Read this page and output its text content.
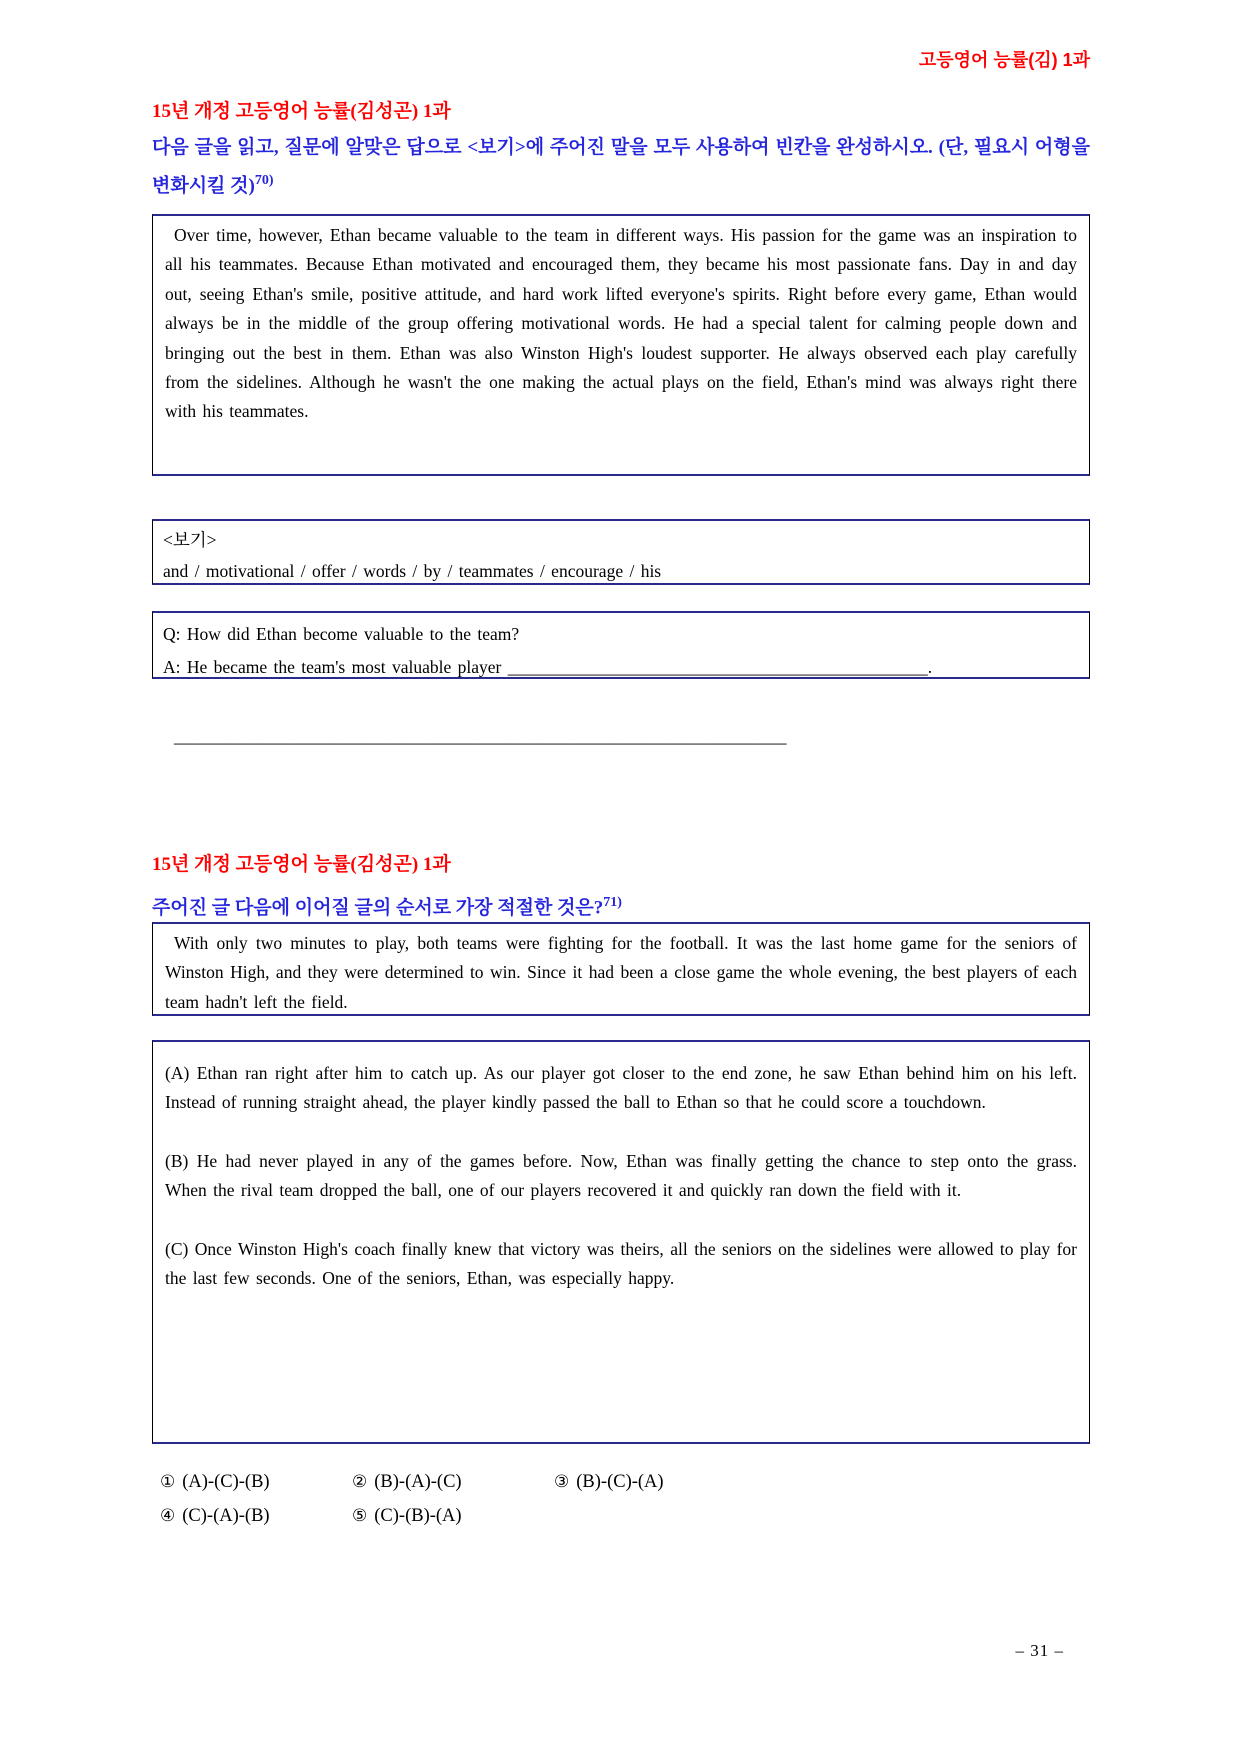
고등영어 능률(김) 1과
15년 개정 고등영어 능률(김성곤) 1과
다음 글을 읽고, 질문에 알맞은 답으로 <보기>에 주어진 말을 모두 사용하여 빈칸을 완성하시오. (단, 필요시 어형을 변화시킬 것)$^{70)}$

Over time, however, Ethan became valuable to the team in different ways. His passion for the game was an inspiration to all his teammates. Because Ethan motivated and encouraged them, they became his most passionate fans. Day in and day out, seeing Ethan's smile, positive attitude, and hard work lifted everyone's spirits. Right before every game, Ethan would always be in the middle of the group offering motivational words. He had a special talent for calming people down and bringing out the best in them. Ethan was also Winston High's loudest supporter. He always observed each play carefully from the sidelines. Although he wasn't the one making the actual plays on the field, Ethan's mind was always right there with his teammates.

<보기>
and / motivational / offer / words / by / teammates / encourage / his
Q: How did Ethan become valuable to the team?
A: He became the team's most valuable player ________________________________________________.
______________________________________________________________________
15년 개정 고등영어 능률(김성곤) 1과
주어진 글 다음에 이어질 글의 순서로 가장 적절한 것은?$^{71)}$

With only two minutes to play, both teams were fighting for the football. It was the last home game for the seniors of Winston High, and they were determined to win. Since it had been a close game the whole evening, the best players of each team hadn't left the field.

(A) Ethan ran right after him to catch up. As our player got closer to the end zone, he saw Ethan behind him on his left. Instead of running straight ahead, the player kindly passed the ball to Ethan so that he could score a touchdown.

(B) He had never played in any of the games before. Now, Ethan was finally getting the chance to step onto the grass. When the rival team dropped the ball, one of our players recovered it and quickly ran down the field with it.

(C) Once Winston High's coach finally knew that victory was theirs, all the seniors on the sidelines were allowed to play for the last few seconds. One of the seniors, Ethan, was especially happy.

① (A)-(C)-(B)	② (B)-(A)-(C)	③ (B)-(C)-(A)
④ (C)-(A)-(B)	⑤ (C)-(B)-(A)
– 31 –
